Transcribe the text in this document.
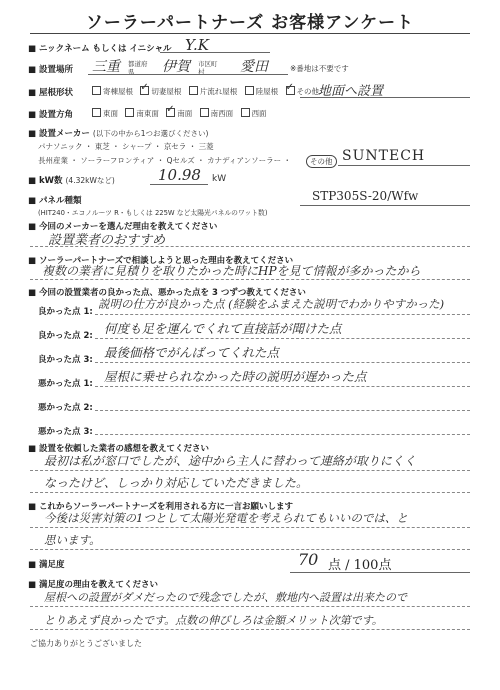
ソーラーパートナーズ お客様アンケート
■ ニックネーム もしくは イニシャル Y.K
■ 設置場所 三重 都道府県	伊賀 市区町村	愛田	※番地は不要です
■ 屋根形状	寄棟屋根 ✓ 切妻屋根 片流れ屋根 陸屋根 ✓ その他:
地面へ設置
■ 設置方角	東面 南東面 ✓ 南面 南西面 西面
■ 設置メーカー (以下の中から1つお選びください)
パナソニック ・ 東芝 ・ シャープ ・ 京セラ ・ 三菱
長州産業 ・ ソーラーフロンティア ・ Qセルズ ・ カナディアンソーラー ・	その他 SUNTECH
■ kW数 (4.32kWなど)	10.98 kW
■ パネル種類
(HIT240・エコノルーツ R・もしくは 225W など太陽光パネルのワット数)
STP305S-20/Wfw
■ 今回のメーカーを選んだ理由を教えてください
設置業者のおすすめ
■ ソーラーパートナーズで相談しようと思った理由を教えてください
複数の業者に見積りを取りたかった時にHPを見て情報が多かったから
■ 今回の設置業者の良かった点、悪かった点を 3 つずつ教えてください
良かった点 1:
説明の仕方が良かった点 (経験をふまえた説明でわかりやすかった)
良かった点 2: 何度も足を運んでくれて直接話が聞けた点
良かった点 3: 最後価格でがんばってくれた点
悪かった点 1: 屋根に乗せられなかった時の説明が遅かった点
悪かった点 2:
悪かった点 3:
■ 設置を依頼した業者の感想を教えてください
最初は私が窓口でしたが、途中から主人に替わって連絡が取りにくく
なったけど、しっかり対応していただきました。
■ これからソーラーパートナーズを利用される方に一言お願いします
今後は災害対策の1つとして太陽光発電を考えられてもいいのでは、と
思います。
■ 満足度	70 点 / 100点
■ 満足度の理由を教えてください
屋根への設置がダメだったので残念でしたが、敷地内へ設置は出来たので
とりあえず良かったです。点数の伸びしろは金額メリット次第です。
ご協力ありがとうございました
